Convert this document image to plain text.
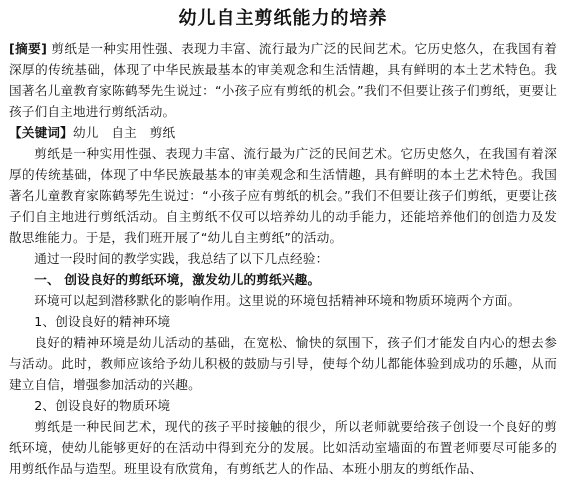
幼儿自主剪纸能力的培养

[摘要] 剪纸是一种实用性强、表现力丰富、流行最为广泛的民间艺术。它历史悠久，在我国有着深厚的传统基础，体现了中华民族最基本的审美观念和生活情趣，具有鲜明的本土艺术特色。我国著名儿童教育家陈鹤琴先生说过：“小孩子应有剪纸的机会。”我们不但要让孩子们剪纸，更要让孩子们自主地进行剪纸活动。

【关键词】幼儿　自主　剪纸

剪纸是一种实用性强、表现力丰富、流行最为广泛的民间艺术。它历史悠久，在我国有着深厚的传统基础，体现了中华民族最基本的审美观念和生活情趣，具有鲜明的本土艺术特色。我国著名儿童教育家陈鹤琴先生说过：“小孩子应有剪纸的机会。”我们不但要让孩子们剪纸，更要让孩子们自主地进行剪纸活动。自主剪纸不仅可以培养幼儿的动手能力，还能培养他们的创造力及发散思维能力。于是，我们班开展了“幼儿自主剪纸”的活动。

通过一段时间的教学实践，我总结了以下几点经验：

一、 创设良好的剪纸环境，激发幼儿的剪纸兴趣。

环境可以起到潜移默化的影响作用。这里说的环境包括精神环境和物质环境两个方面。

1、创设良好的精神环境

良好的精神环境是幼儿活动的基础，在宽松、愉快的氛围下，孩子们才能发自内心的想去参与活动。此时，教师应该给予幼儿积极的鼓励与引导，使每个幼儿都能体验到成功的乐趣，从而建立自信，增强参加活动的兴趣。

2、创设良好的物质环境

剪纸是一种民间艺术，现代的孩子平时接触的很少，所以老师就要给孩子创设一个良好的剪纸环境，使幼儿能够更好的在活动中得到充分的发展。比如活动室墙面的布置老师要尽可能多的用剪纸作品与造型。班里设有欣赏角，有剪纸艺人的作品、本班小朋友的剪纸作品、
